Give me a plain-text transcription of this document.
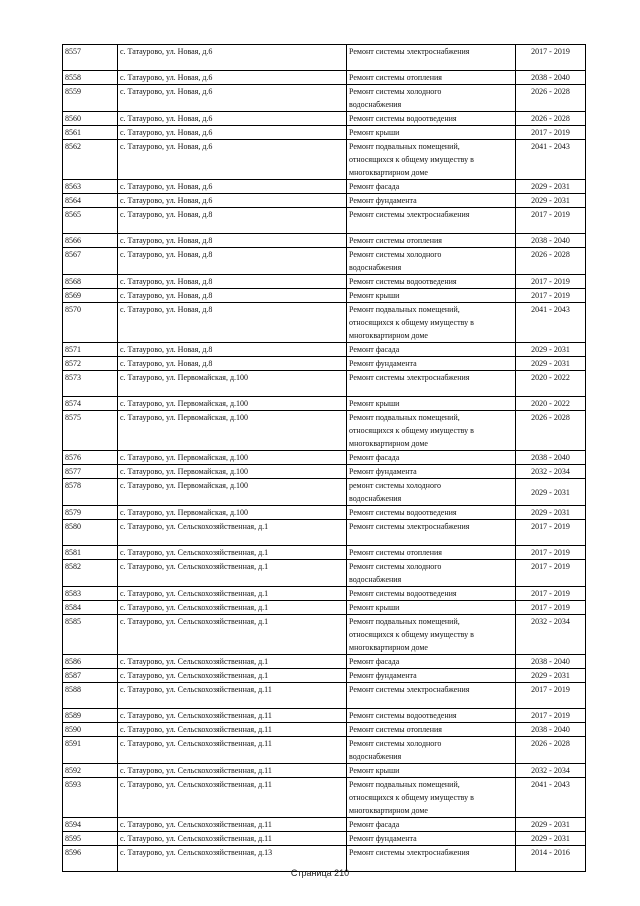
8557	с. Татаурово, ул. Новая, д.6	Ремонт системы электроснабжения	2017 - 2019
8558	с. Татаурово, ул. Новая, д.6	Ремонт системы отопления	2038 - 2040
8559	с. Татаурово, ул. Новая, д.6	Ремонт системы холодного
водоснабжения	2026 - 2028
8560	с. Татаурово, ул. Новая, д.6	Ремонт системы водоотведения	2026 - 2028
8561	с. Татаурово, ул. Новая, д.6	Ремонт крыши	2017 - 2019
8562	с. Татаурово, ул. Новая, д.6	Ремонт подвальных помещений,
относящихся к общему имуществу в
многоквартирном доме	2041 - 2043
8563	с. Татаурово, ул. Новая, д.6	Ремонт фасада	2029 - 2031
8564	с. Татаурово, ул. Новая, д.6	Ремонт фундамента	2029 - 2031
8565	с. Татаурово, ул. Новая, д.8	Ремонт системы электроснабжения	2017 - 2019
8566	с. Татаурово, ул. Новая, д.8	Ремонт системы отопления	2038 - 2040
8567	с. Татаурово, ул. Новая, д.8	Ремонт системы холодного
водоснабжения	2026 - 2028
8568	с. Татаурово, ул. Новая, д.8	Ремонт системы водоотведения	2017 - 2019
8569	с. Татаурово, ул. Новая, д.8	Ремонт крыши	2017 - 2019
8570	с. Татаурово, ул. Новая, д.8	Ремонт подвальных помещений,
относящихся к общему имуществу в
многоквартирном доме	2041 - 2043
8571	с. Татаурово, ул. Новая, д.8	Ремонт фасада	2029 - 2031
8572	с. Татаурово, ул. Новая, д.8	Ремонт фундамента	2029 - 2031
8573	с. Татаурово, ул. Первомайская, д.100	Ремонт системы электроснабжения	2020 - 2022
8574	с. Татаурово, ул. Первомайская, д.100	Ремонт крыши	2020 - 2022
8575	с. Татаурово, ул. Первомайская, д.100	Ремонт подвальных помещений,
относящихся к общему имуществу в
многоквартирном доме	2026 - 2028
8576	с. Татаурово, ул. Первомайская, д.100	Ремонт фасада	2038 - 2040
8577	с. Татаурово, ул. Первомайская, д.100	Ремонт фундамента	2032 - 2034
8578	с. Татаурово, ул. Первомайская, д.100	ремонт системы холодного
водоснабжения	2029 - 2031
8579	с. Татаурово, ул. Первомайская, д.100	Ремонт системы водоотведения	2029 - 2031
8580	с. Татаурово, ул. Сельскохозяйственная, д.1	Ремонт системы электроснабжения	2017 - 2019
8581	с. Татаурово, ул. Сельскохозяйственная, д.1	Ремонт системы отопления	2017 - 2019
8582	с. Татаурово, ул. Сельскохозяйственная, д.1	Ремонт системы холодного
водоснабжения	2017 - 2019
8583	с. Татаурово, ул. Сельскохозяйственная, д.1	Ремонт системы водоотведения	2017 - 2019
8584	с. Татаурово, ул. Сельскохозяйственная, д.1	Ремонт крыши	2017 - 2019
8585	с. Татаурово, ул. Сельскохозяйственная, д.1	Ремонт подвальных помещений,
относящихся к общему имуществу в
многоквартирном доме	2032 - 2034
8586	с. Татаурово, ул. Сельскохозяйственная, д.1	Ремонт фасада	2038 - 2040
8587	с. Татаурово, ул. Сельскохозяйственная, д.1	Ремонт фундамента	2029 - 2031
8588	с. Татаурово, ул. Сельскохозяйственная, д.11	Ремонт системы электроснабжения	2017 - 2019
8589	с. Татаурово, ул. Сельскохозяйственная, д.11	Ремонт системы водоотведения	2017 - 2019
8590	с. Татаурово, ул. Сельскохозяйственная, д.11	Ремонт системы отопления	2038 - 2040
8591	с. Татаурово, ул. Сельскохозяйственная, д.11	Ремонт системы холодного
водоснабжения	2026 - 2028
8592	с. Татаурово, ул. Сельскохозяйственная, д.11	Ремонт крыши	2032 - 2034
8593	с. Татаурово, ул. Сельскохозяйственная, д.11	Ремонт подвальных помещений,
относящихся к общему имуществу в
многоквартирном доме	2041 - 2043
8594	с. Татаурово, ул. Сельскохозяйственная, д.11	Ремонт фасада	2029 - 2031
8595	с. Татаурово, ул. Сельскохозяйственная, д.11	Ремонт фундамента	2029 - 2031
8596	с. Татаурово, ул. Сельскохозяйственная, д.13	Ремонт системы электроснабжения	2014 - 2016
Страница 210
